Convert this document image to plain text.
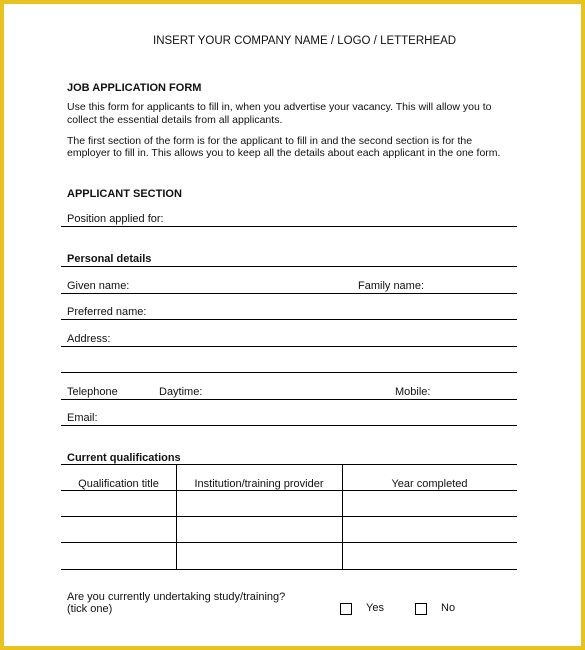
INSERT YOUR COMPANY NAME / LOGO / LETTERHEAD
JOB APPLICATION FORM
Use this form for applicants to fill in, when you advertise your vacancy. This will allow you to
collect the essential details from all applicants.
The first section of the form is for the applicant to fill in and the second section is for the
employer to fill in. This allows you to keep all the details about each applicant in the one form.
APPLICANT SECTION
Position applied for:
Personal details
Given name:	Family name:
Preferred name:
Address:
Telephone	Daytime:	Mobile:
Email:
Current qualifications
Qualification title	Institution/training provider	Year completed
Are you currently undertaking study/training?
(tick one)	Yes	No
